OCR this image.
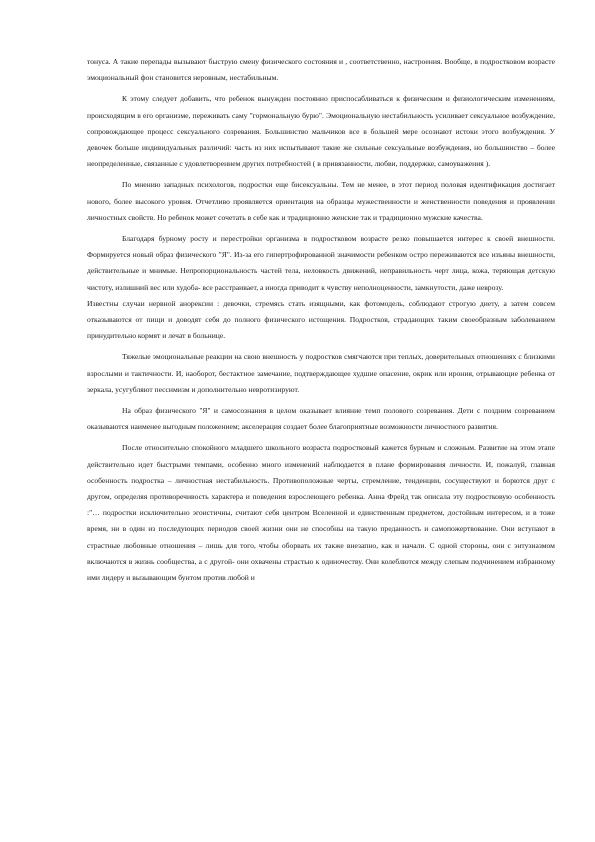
тонуса. А такие перепады вызывают быструю смену физического состояния и , соответственно, настроения. Вообще, в подростковом возрасте эмоциональный фон становится неровным, нестабильным.

К этому следует добавить, что ребенок вынужден постоянно приспосабливаться к физическим и физиологическим изменениям, происходящим в его организме, переживать саму "гормональную бурю". Эмоциональную нестабильность усиливает сексуальное возбуждение, сопровождающее процесс сексуального созревания. Большинство мальчиков все в большей мере осознают истоки этого возбуждения. У девочек больше индивидуальных различий: часть из них испытывают такие же сильные сексуальные возбуждения, но большинство – более неопределенные, связанные с удовлетворением других потребностей ( в привязанности, любви, поддержке, самоуважения ).

По мнению западных психологов, подростки еще бисексуальны. Тем не менее, в этот период половая идентификация достигает нового, более высокого уровня. Отчетливо проявляется ориентация на образцы мужественности и женственности поведения и проявлении личностных свойств. Но ребенок может сочетать в себе как и традиционно женские так и традиционно мужские качества.

Благодаря бурному росту и перестройки организма в подростковом возрасте резко повышается интерес к своей внешности. Формируется новый образ физического "Я". Из-за его гипертрофированной значимости ребенком остро переживаются все изъяны внешности, действительные и мнимые. Непропорциональность частей тела, неловкость движений, неправильность черт лица, кожа, теряющая детскую чистоту, излишний вес или худоба- все расстраивает, а иногда приводит к чувству неполноценности, замкнутости, даже неврозу.

Известны случаи нервной анорексии : девочки, стремясь стать изящными, как фотомодель, соблюдают строгую диету, а затем совсем отказываются от пищи и доводят себя до полного физического истощения. Подростков, страдающих таким своеобразным заболеванием принудительно кормят и лечат в больнице.

Тяжелые эмоциональные реакции на свою внешность у подростков смягчаются при теплых, доверительных отношениях с близкими взрослыми и тактичности. И, наоборот, бестактное замечание, подтверждающее худшие опасение, окрик или ирония, отрывающие ребенка от зеркала, усугубляют пессимизм и дополнительно невротизируют.

На образ физического "Я" и самосознания в целом оказывает влияние темп полового созревания. Дети с поздним созреванием оказываются наименее выгодным положением; акселерация создает более благоприятные возможности личностного развития.

После относительно спокойного младшего школьного возраста подростковый кажется бурным и сложным. Развитие на этом этапе действительно идет быстрыми темпами, особенно много изменений наблюдается в плане формирования личности. И, пожалуй, главная особенность подростка – личностная нестабильность. Противоположные черты, стремление, тенденции, сосуществуют и борются друг с другом, определяя противоречивость характера и поведения взрослеющего ребенка. Анна Фрейд так описала эту подростковую особенность :"… подростки исключительно эгоистичны, считают себя центром Вселенной и единственным предметом, достойным интересом, и в тоже время, ни в один из последующих периодов своей жизни они не способны на такую преданность и самопожертвование. Они вступают в страстные любовные отношения – лишь для того, чтобы оборвать их также внезапно, как и начали. С одной стороны, они с энтузиазмом включаются в жизнь сообщества, а с другой- они охвачены страстью к одиночеству. Они колеблются между слепым подчинением избранному ими лидеру и вызывающим бунтом против любой и
